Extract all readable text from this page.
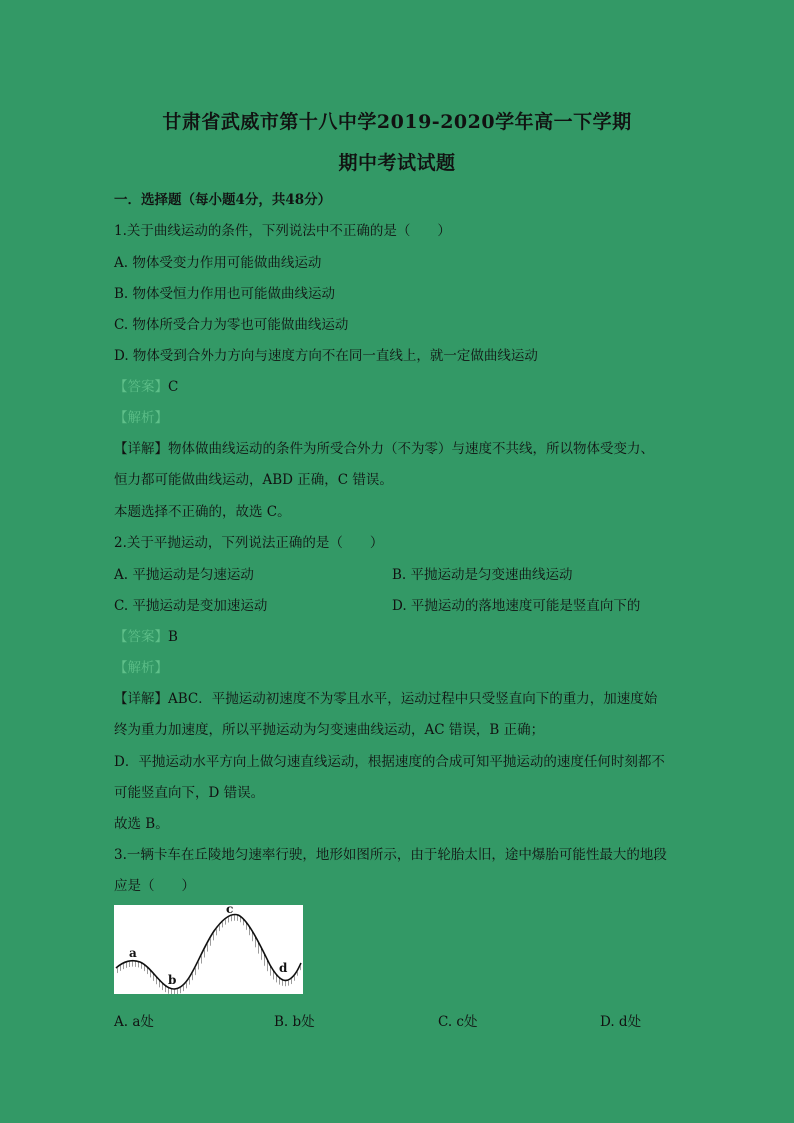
甘肃省武威市第十八中学2019-2020学年高一下学期
期中考试试题
一．选择题（每小题4分，共48分）
1.关于曲线运动的条件，下列说法中不正确的是（　　）
A. 物体受变力作用可能做曲线运动
B. 物体受恒力作用也可能做曲线运动
C. 物体所受合力为零也可能做曲线运动
D. 物体受到合外力方向与速度方向不在同一直线上，就一定做曲线运动
【答案】C
【解析】
【详解】物体做曲线运动的条件为所受合外力（不为零）与速度不共线，所以物体受变力、
恒力都可能做曲线运动，ABD 正确，C 错误。
本题选择不正确的，故选 C。
2.关于平抛运动，下列说法正确的是（　　）
A. 平抛运动是匀速运动	B. 平抛运动是匀变速曲线运动
C. 平抛运动是变加速运动	D. 平抛运动的落地速度可能是竖直向下的
【答案】B
【解析】
【详解】ABC．平抛运动初速度不为零且水平，运动过程中只受竖直向下的重力，加速度始
终为重力加速度，所以平抛运动为匀变速曲线运动，AC 错误，B 正确；
D．平抛运动水平方向上做匀速直线运动，根据速度的合成可知平抛运动的速度任何时刻都不
可能竖直向下，D 错误。
故选 B。
3.一辆卡车在丘陵地匀速率行驶，地形如图所示，由于轮胎太旧，途中爆胎可能性最大的地段
应是（　　）
a
b
c
d
A. a处	B. b处	C. c处	D. d处
